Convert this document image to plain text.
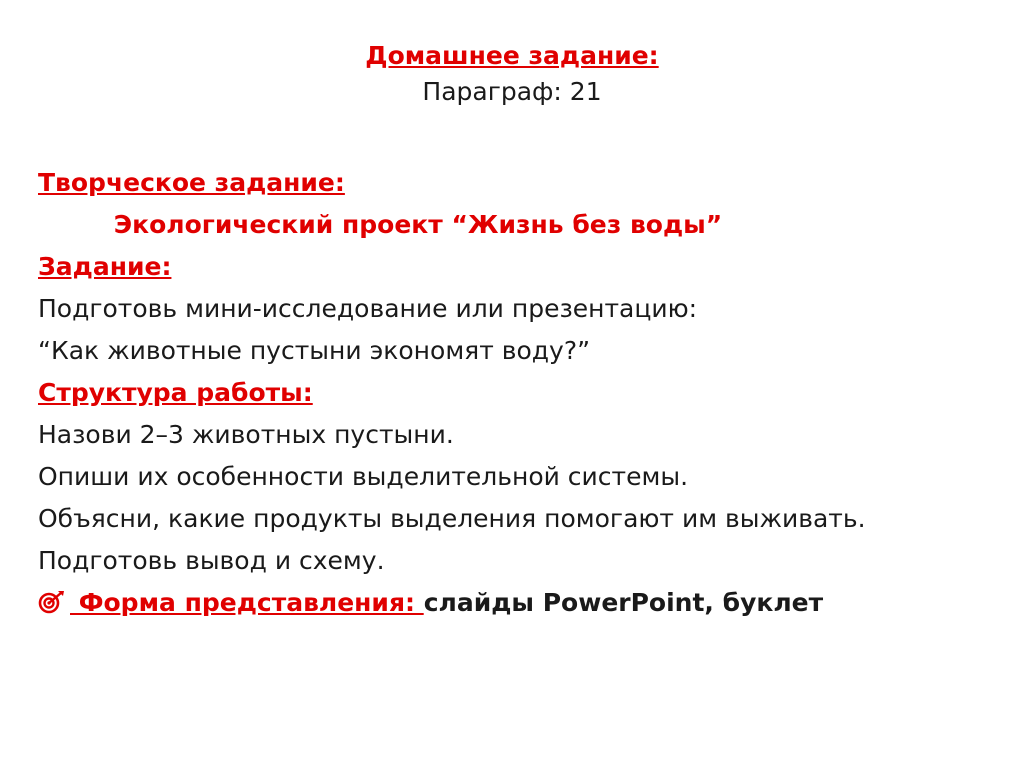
Домашнее задание:
Параграф: 21
Творческое задание:
Экологический проект “Жизнь без воды”
Задание:
Подготовь мини-исследование или презентацию:
“Как животные пустыни экономят воду?”
Структура работы:
Назови 2–3 животных пустыни.
Опиши их особенности выделительной системы.
Объясни, какие продукты выделения помогают им выживать.
Подготовь вывод и схему.
Форма представления: слайды PowerPoint, буклет
